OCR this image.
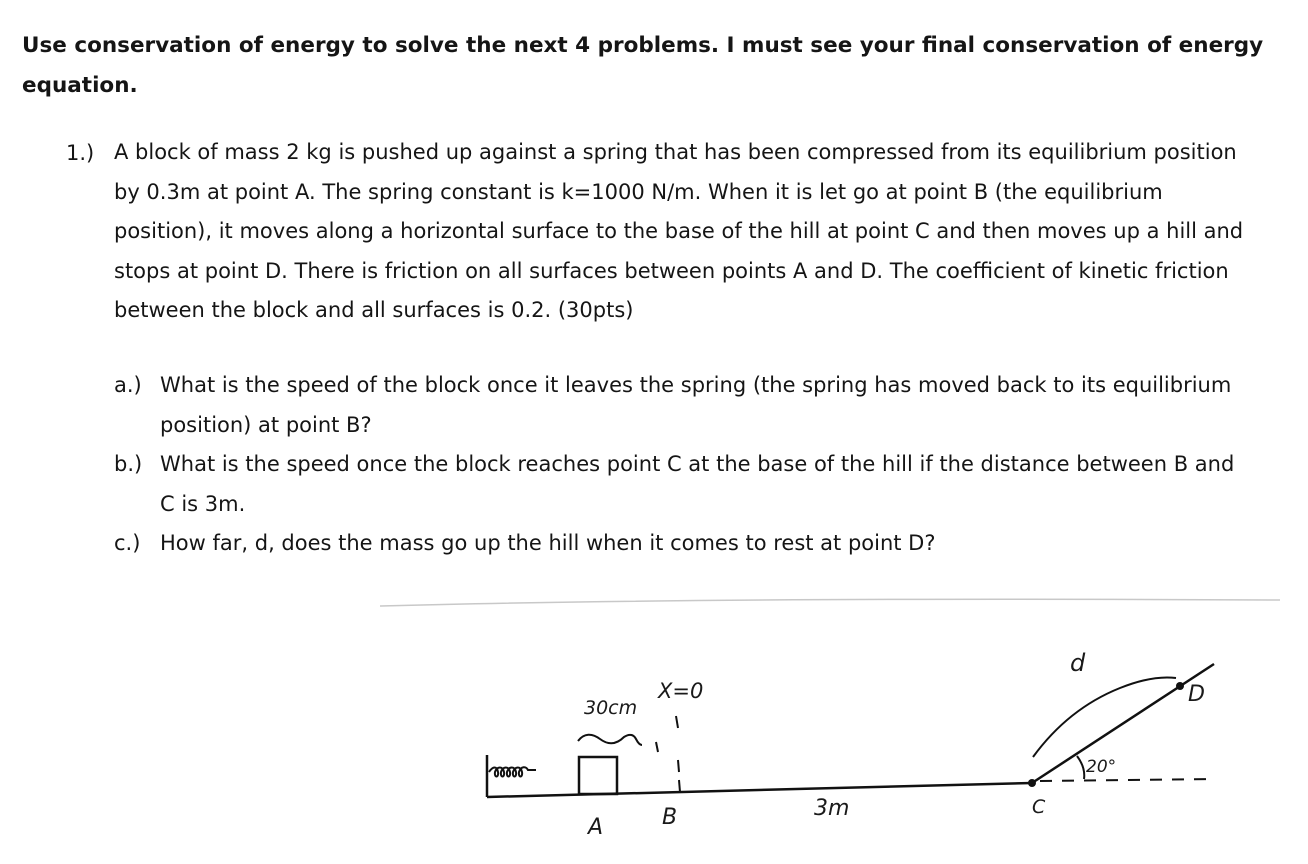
Use conservation of energy to solve the next 4 problems. I must see your final conservation of energy equation.
1.) A block of mass 2 kg is pushed up against a spring that has been compressed from its equilibrium position by 0.3m at point A. The spring constant is k=1000 N/m. When it is let go at point B (the equilibrium position), it moves along a horizontal surface to the base of the hill at point C and then moves up a hill and stops at point D. There is friction on all surfaces between points A and D. The coefficient of kinetic friction between the block and all surfaces is 0.2. (30pts)
a.) What is the speed of the block once it leaves the spring (the spring has moved back to its equilibrium position) at point B?
b.) What is the speed once the block reaches point C at the base of the hill if the distance between B and C is 3m.
c.) How far, d, does the mass go up the hill when it comes to rest at point D?
30cm
X=0
A	B	3m	C
D
d
20°
